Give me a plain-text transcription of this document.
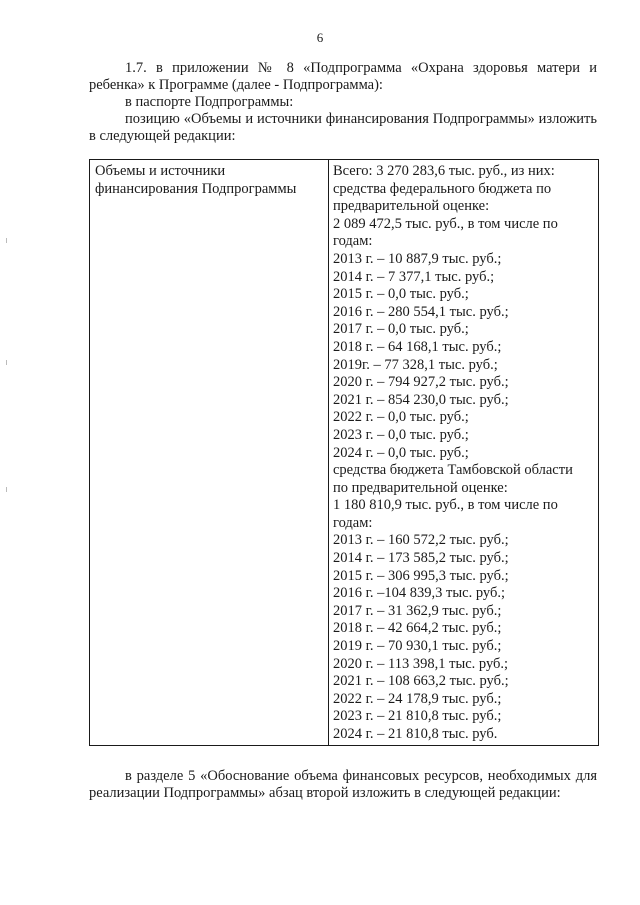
6

1.7. в приложении № 8 «Подпрограмма «Охрана здоровья матери и ребенка» к Программе (далее - Подпрограмма):

в паспорте Подпрограммы:

позицию «Объемы и источники финансирования Подпрограммы» изложить в следующей редакции:

Объемы и источники финансирования Подпрограммы
Всего: 3 270 283,6 тыс. руб., из них:
средства федерального бюджета по
предварительной оценке:
2 089 472,5 тыс. руб., в том числе по
годам:
2013 г. – 10 887,9 тыс. руб.;
2014 г. – 7 377,1 тыс. руб.;
2015 г. – 0,0 тыс. руб.;
2016 г. – 280 554,1 тыс. руб.;
2017 г. – 0,0 тыс. руб.;
2018 г. – 64 168,1 тыс. руб.;
2019г. – 77 328,1 тыс. руб.;
2020 г. – 794 927,2 тыс. руб.;
2021 г. – 854 230,0 тыс. руб.;
2022 г. – 0,0 тыс. руб.;
2023 г. – 0,0 тыс. руб.;
2024 г. – 0,0 тыс. руб.;
средства бюджета Тамбовской области
по предварительной оценке:
1 180 810,9 тыс. руб., в том числе по
годам:
2013 г. – 160 572,2 тыс. руб.;
2014 г. – 173 585,2 тыс. руб.;
2015 г. – 306 995,3 тыс. руб.;
2016 г. –104 839,3 тыс. руб.;
2017 г. – 31 362,9 тыс. руб.;
2018 г. – 42 664,2 тыс. руб.;
2019 г. – 70 930,1 тыс. руб.;
2020 г. – 113 398,1 тыс. руб.;
2021 г. – 108 663,2 тыс. руб.;
2022 г. – 24 178,9 тыс. руб.;
2023 г. – 21 810,8 тыс. руб.;
2024 г. – 21 810,8 тыс. руб.

в разделе 5 «Обоснование объема финансовых ресурсов, необходимых для реализации Подпрограммы» абзац второй изложить в следующей редакции:
